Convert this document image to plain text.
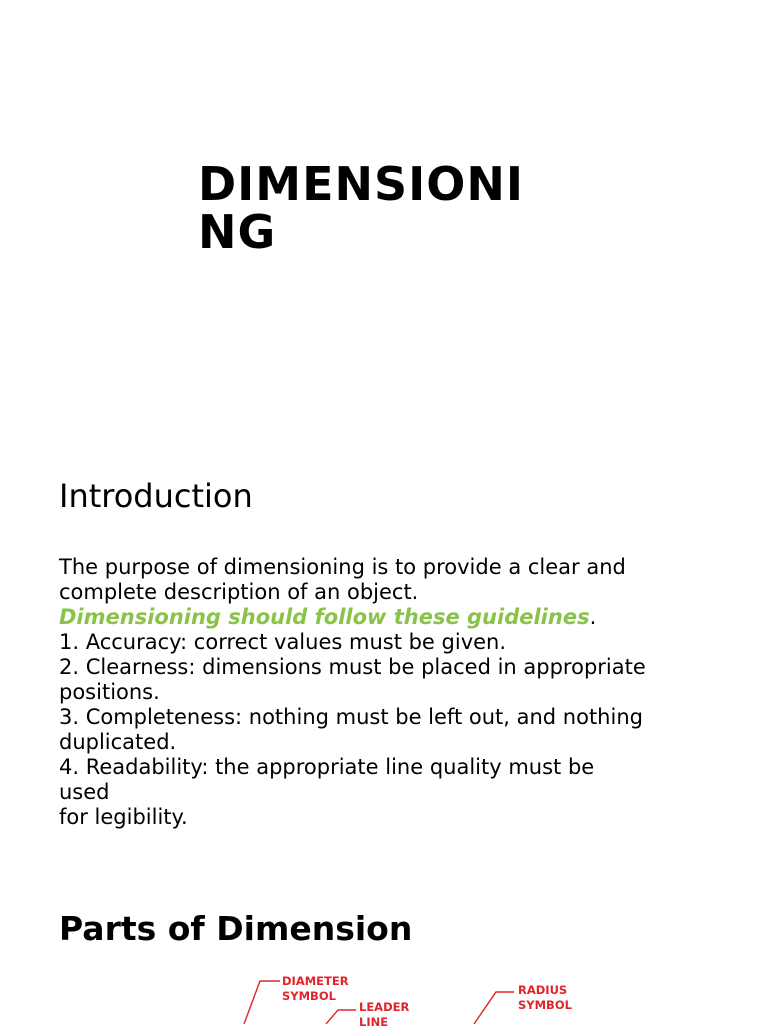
DIMENSIONING
Introduction
The purpose of dimensioning is to provide a clear and
complete description of an object.
Dimensioning should follow these guidelines.
1. Accuracy: correct values must be given.
2. Clearness: dimensions must be placed in appropriate
positions.
3. Completeness: nothing must be left out, and nothing
duplicated.
4. Readability: the appropriate line quality must be
used
for legibility.
Parts of Dimension
DIAMETER
SYMBOL
LEADER
LINE
RADIUS
SYMBOL
